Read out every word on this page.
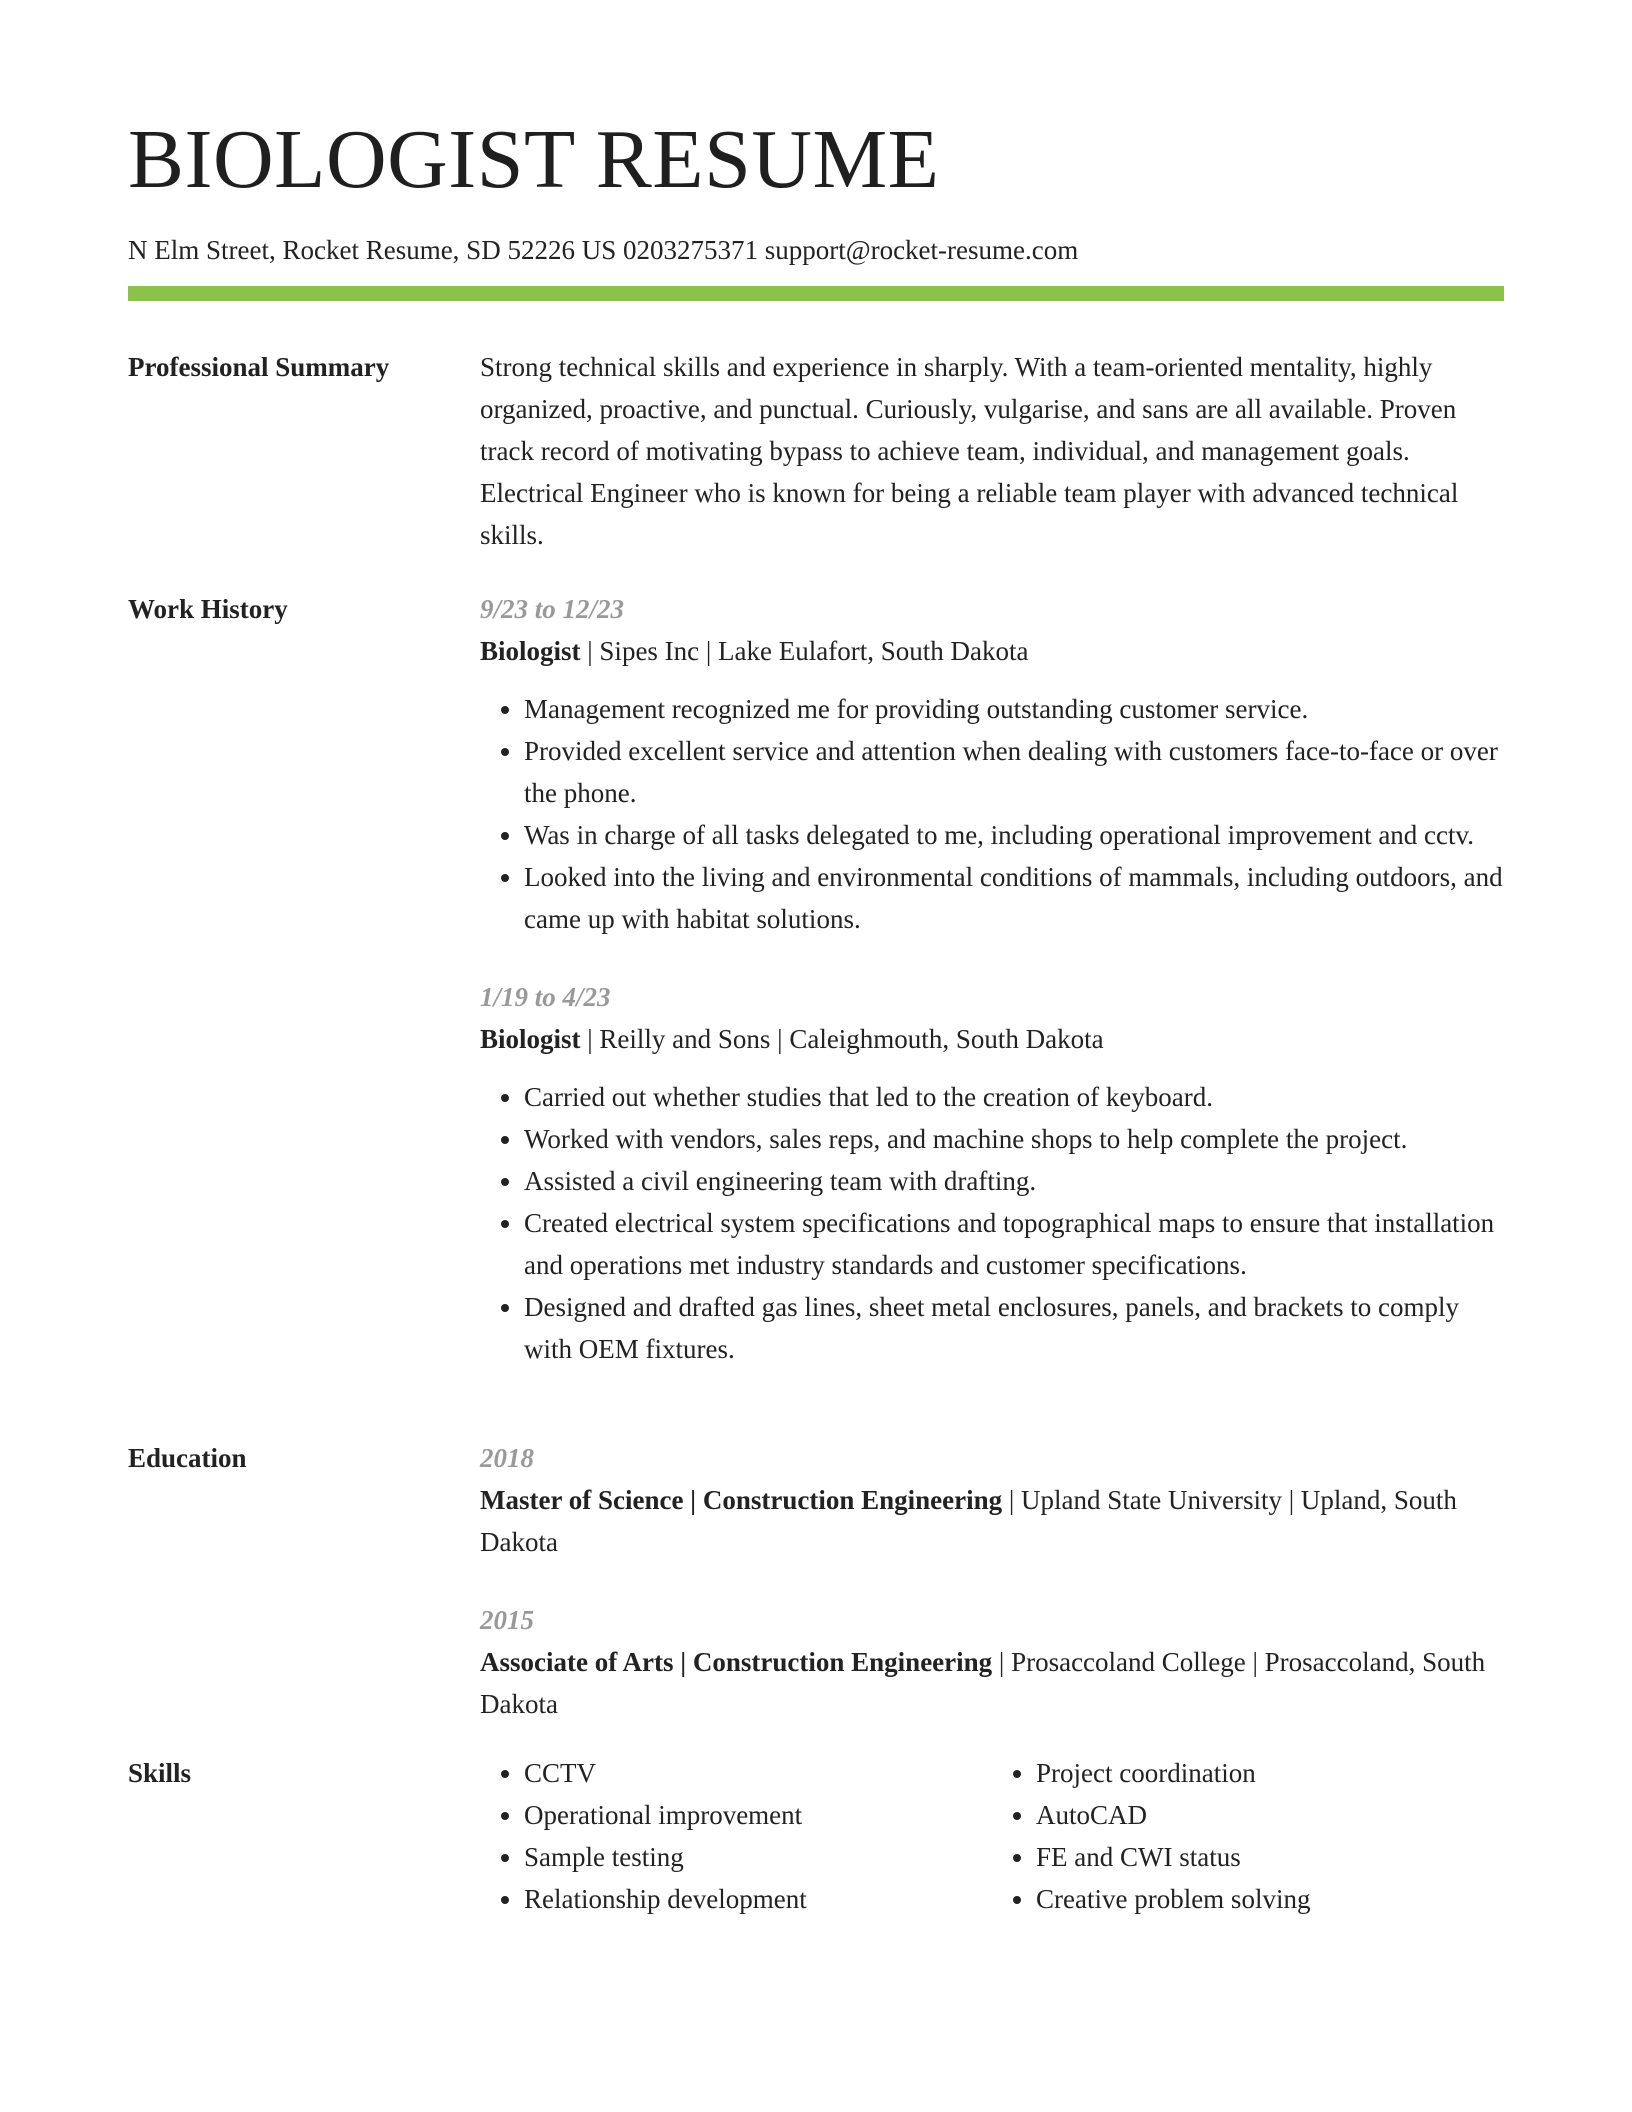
BIOLOGIST RESUME
N Elm Street, Rocket Resume, SD 52226 US 0203275371 support@rocket-resume.com
Professional Summary	Strong technical skills and experience in sharply. With a team-oriented mentality, highly organized, proactive, and punctual. Curiously, vulgarise, and sans are all available. Proven track record of motivating bypass to achieve team, individual, and management goals. Electrical Engineer who is known for being a reliable team player with advanced technical skills.
Work History	9/23 to 12/23
Biologist | Sipes Inc | Lake Eulafort, South Dakota
• Management recognized me for providing outstanding customer service.
• Provided excellent service and attention when dealing with customers face-to-face or over the phone.
• Was in charge of all tasks delegated to me, including operational improvement and cctv.
• Looked into the living and environmental conditions of mammals, including outdoors, and came up with habitat solutions.
1/19 to 4/23
Biologist | Reilly and Sons | Caleighmouth, South Dakota
• Carried out whether studies that led to the creation of keyboard.
• Worked with vendors, sales reps, and machine shops to help complete the project.
• Assisted a civil engineering team with drafting.
• Created electrical system specifications and topographical maps to ensure that installation and operations met industry standards and customer specifications.
• Designed and drafted gas lines, sheet metal enclosures, panels, and brackets to comply with OEM fixtures.
Education	2018
Master of Science | Construction Engineering | Upland State University | Upland, South Dakota
2015
Associate of Arts | Construction Engineering | Prosaccoland College | Prosaccoland, South Dakota
Skills
•	CCTV
• Operational improvement
• Sample testing
• Relationship development
• Project coordination
• AutoCAD
• FE and CWI status
• Creative problem solving
